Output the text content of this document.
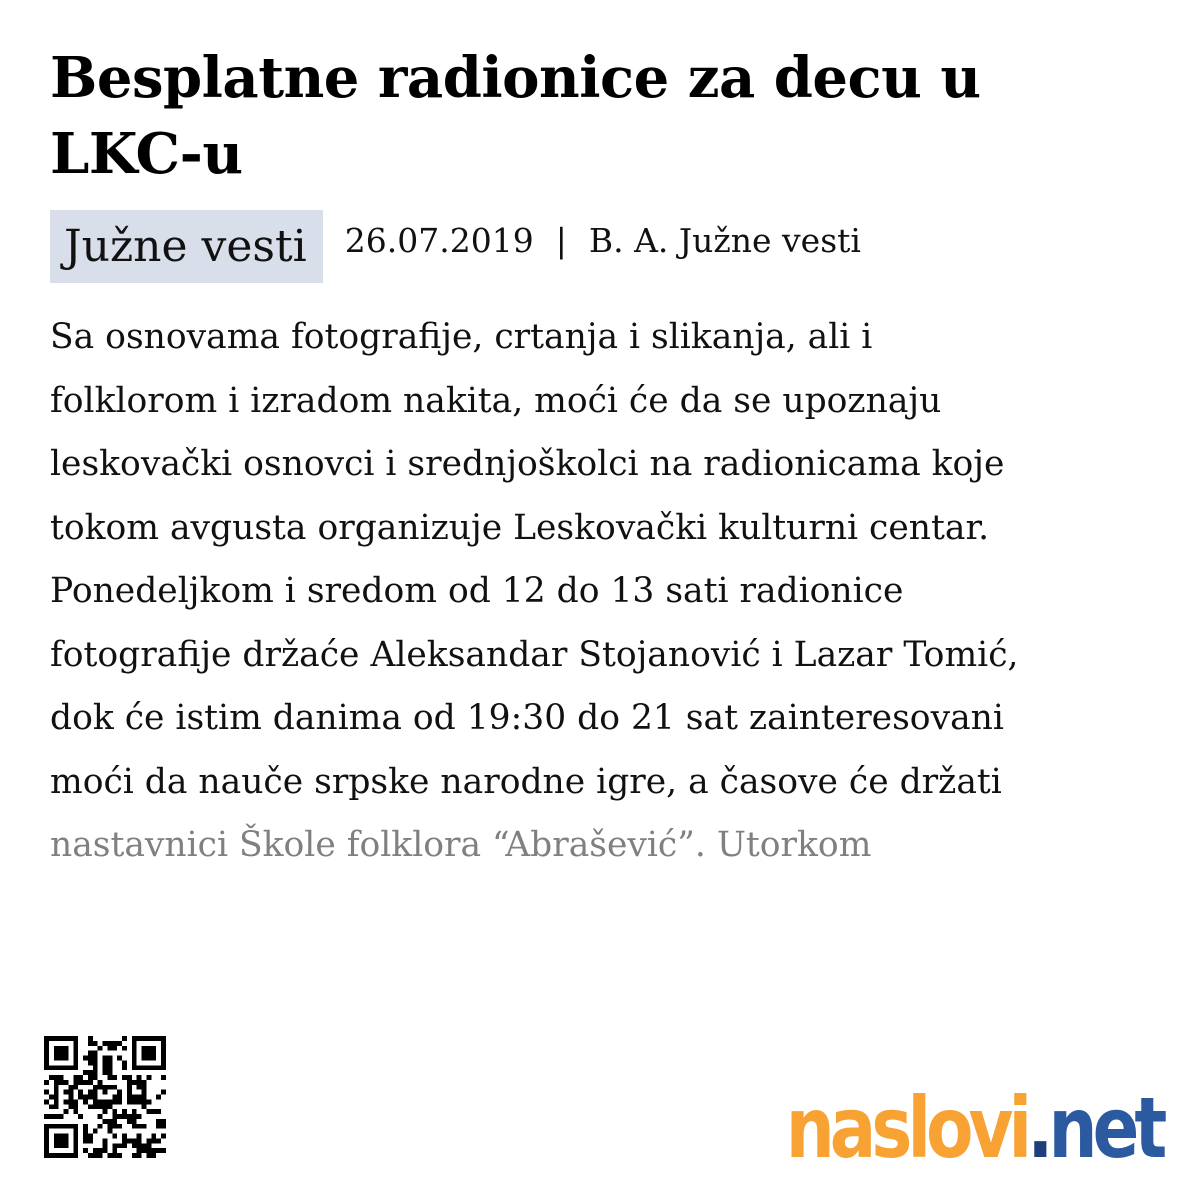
Besplatne radionice za decu u
LKC-u
Južne vesti	26.07.2019 | B. A. Južne vesti
Sa osnovama fotografije, crtanja i slikanja, ali i
folklorom i izradom nakita, moći će da se upoznaju
leskovački osnovci i srednjoškolci na radionicama koje
tokom avgusta organizuje Leskovački kulturni centar.
Ponedeljkom i sredom od 12 do 13 sati radionice
fotografije držaće Aleksandar Stojanović i Lazar Tomić,
dok će istim danima od 19:30 do 21 sat zainteresovani
moći da nauče srpske narodne igre, a časove će držati
nastavnici Škole folklora “Abrašević”. Utorkom
naslovi . net
